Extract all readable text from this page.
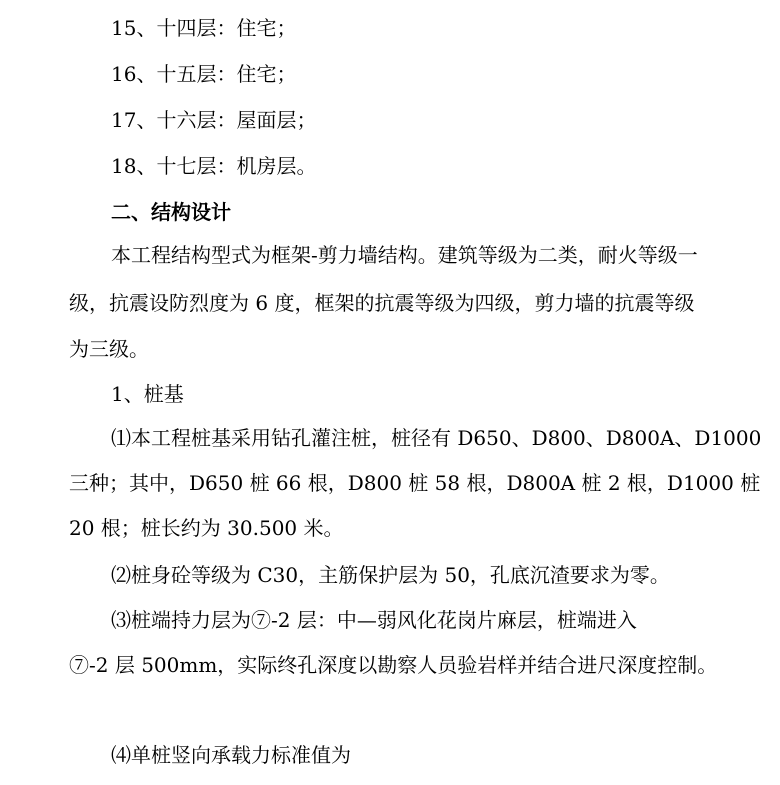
15、十四层：住宅；
16、十五层：住宅；
17、十六层：屋面层；
18、十七层：机房层。
二、结构设计
本工程结构型式为框架-剪力墙结构。建筑等级为二类，耐火等级一
级，抗震设防烈度为 6 度，框架的抗震等级为四级，剪力墙的抗震等级
为三级。
1、桩基
⑴本工程桩基采用钻孔灌注桩，桩径有 D650、D800、D800A、D1000
三种；其中，D650 桩 66 根，D800 桩 58 根，D800A 桩 2 根，D1000 桩
20 根；桩长约为 30.500 米。
⑵桩身砼等级为 C30，主筋保护层为 50，孔底沉渣要求为零。
⑶桩端持力层为⑦-2 层：中—弱风化花岗片麻层，桩端进入
⑦-2 层 500mm，实际终孔深度以勘察人员验岩样并结合进尺深度控制。
⑷单桩竖向承载力标准值为
